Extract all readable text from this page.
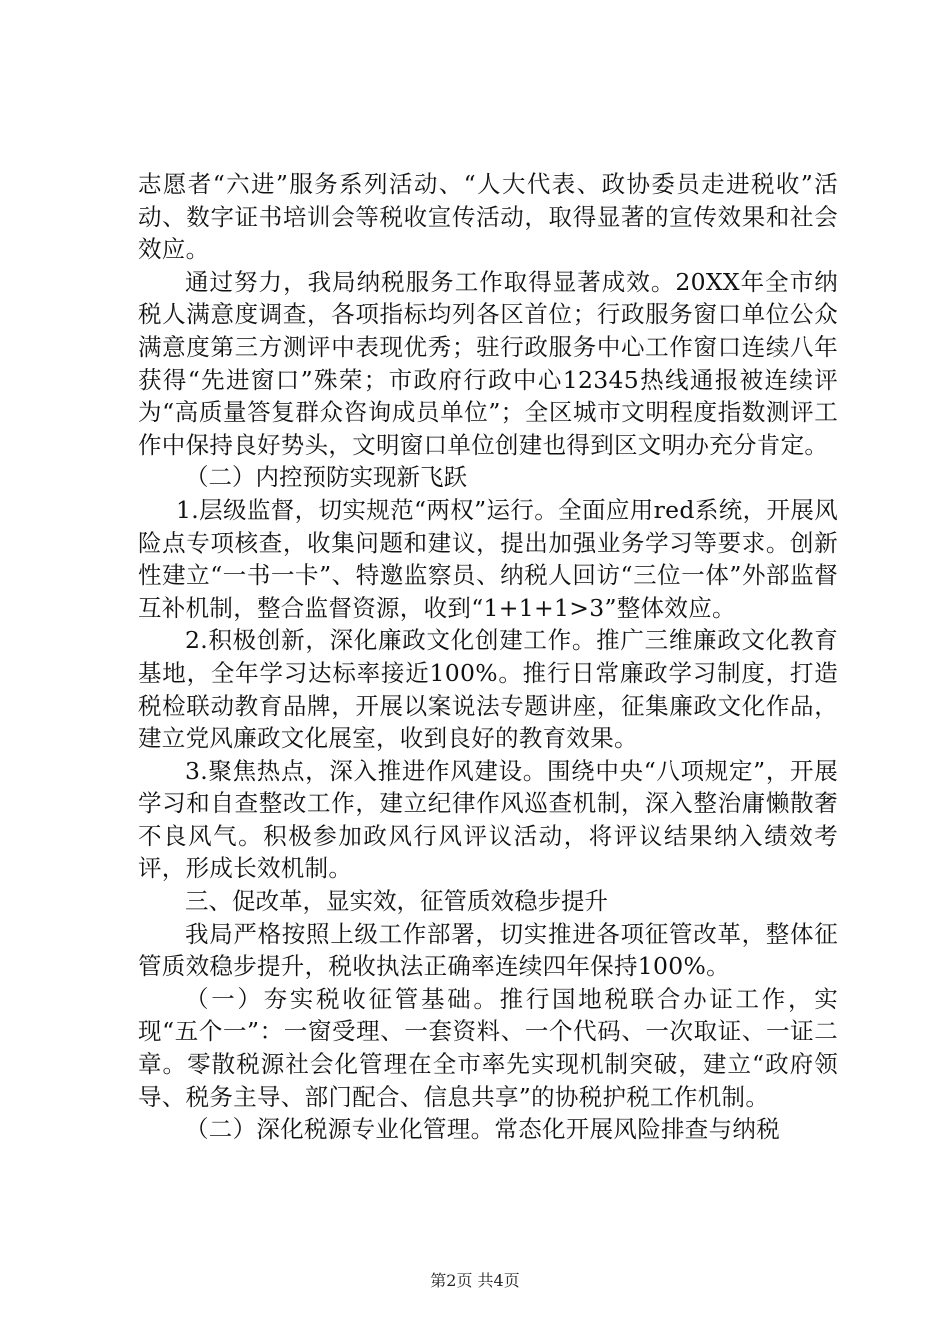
志愿者“六进”服务系列活动、“人大代表、政协委员走进税收”活动、数字证书培训会等税收宣传活动，取得显著的宣传效果和社会效应。

通过努力，我局纳税服务工作取得显著成效。20XX年全市纳税人满意度调查，各项指标均列各区首位；行政服务窗口单位公众满意度第三方测评中表现优秀；驻行政服务中心工作窗口连续八年获得“先进窗口”殊荣；市政府行政中心12345热线通报被连续评为“高质量答复群众咨询成员单位”；全区城市文明程度指数测评工作中保持良好势头，文明窗口单位创建也得到区文明办充分肯定。

（二）内控预防实现新飞跃

1.层级监督，切实规范“两权”运行。全面应用red系统，开展风险点专项核查，收集问题和建议，提出加强业务学习等要求。创新性建立“一书一卡”、特邀监察员、纳税人回访“三位一体”外部监督互补机制，整合监督资源，收到“1+1+1>3”整体效应。

2.积极创新，深化廉政文化创建工作。推广三维廉政文化教育基地，全年学习达标率接近100%。推行日常廉政学习制度，打造税检联动教育品牌，开展以案说法专题讲座，征集廉政文化作品，建立党风廉政文化展室，收到良好的教育效果。

3.聚焦热点，深入推进作风建设。围绕中央“八项规定”，开展学习和自查整改工作，建立纪律作风巡查机制，深入整治庸懒散奢不良风气。积极参加政风行风评议活动，将评议结果纳入绩效考评，形成长效机制。

三、促改革，显实效，征管质效稳步提升

我局严格按照上级工作部署，切实推进各项征管改革，整体征管质效稳步提升，税收执法正确率连续四年保持100%。

（一）夯实税收征管基础。推行国地税联合办证工作，实现“五个一”：一窗受理、一套资料、一个代码、一次取证、一证二章。零散税源社会化管理在全市率先实现机制突破，建立“政府领导、税务主导、部门配合、信息共享”的协税护税工作机制。

（二）深化税源专业化管理。常态化开展风险排查与纳税

第2页 共4页
